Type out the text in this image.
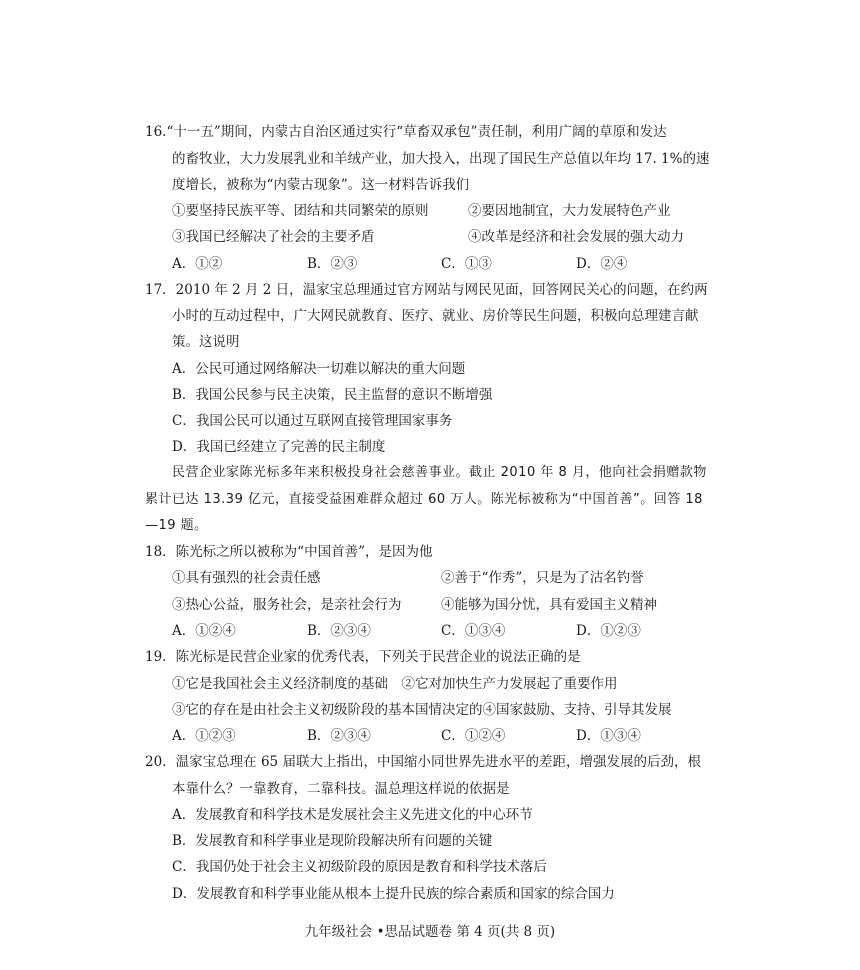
16.“十一五”期间，内蒙古自治区通过实行“草畜双承包”责任制，利用广阔的草原和发达
的畜牧业，大力发展乳业和羊绒产业，加大投入，出现了国民生产总值以年均 17. 1%的速
度增长，被称为“内蒙古现象”。这一材料告诉我们
①要坚持民族平等、团结和共同繁荣的原则	②要因地制宜，大力发展特色产业
③我国已经解决了社会的主要矛盾	④改革是经济和社会发展的强大动力
A．①②	B．②③	C．①③	D．②④
17．2010 年 2 月 2 日，温家宝总理通过官方网站与网民见面，回答网民关心的问题，在约两
小时的互动过程中，广大网民就教育、医疗、就业、房价等民生问题，积极向总理建言献
策。这说明
A．公民可通过网络解决一切难以解决的重大问题
B．我国公民参与民主决策，民主监督的意识不断增强
C．我国公民可以通过互联网直接管理国家事务
D．我国已经建立了完善的民主制度
民营企业家陈光标多年来积极投身社会慈善事业。截止 2010 年 8 月，他向社会捐赠款物
累计已达 13.39 亿元，直接受益困难群众超过 60 万人。陈光标被称为“中国首善”。回答 18
—19 题。
18．陈光标之所以被称为“中国首善”，是因为他
①具有强烈的社会责任感	②善于“作秀”，只是为了沽名钓誉
③热心公益，服务社会，是亲社会行为	④能够为国分忧，具有爱国主义精神
A．①②④	B．②③④	C．①③④	D．①②③
19．陈光标是民营企业家的优秀代表，下列关于民营企业的说法正确的是
①它是我国社会主义经济制度的基础　②它对加快生产力发展起了重要作用
③它的存在是由社会主义初级阶段的基本国情决定的④国家鼓励、支持、引导其发展
A．①②③	B．②③④	C．①②④	D．①③④
20．温家宝总理在 65 届联大上指出，中国缩小同世界先进水平的差距，增强发展的后劲，根
本靠什么？一靠教育，二靠科技。温总理这样说的依据是
A．发展教育和科学技术是发展社会主义先进文化的中心环节
B．发展教育和科学事业是现阶段解决所有问题的关键
C．我国仍处于社会主义初级阶段的原因是教育和科学技术落后
D．发展教育和科学事业能从根本上提升民族的综合素质和国家的综合国力
九年级社会 •思品试题卷 第 4 页(共 8 页)
